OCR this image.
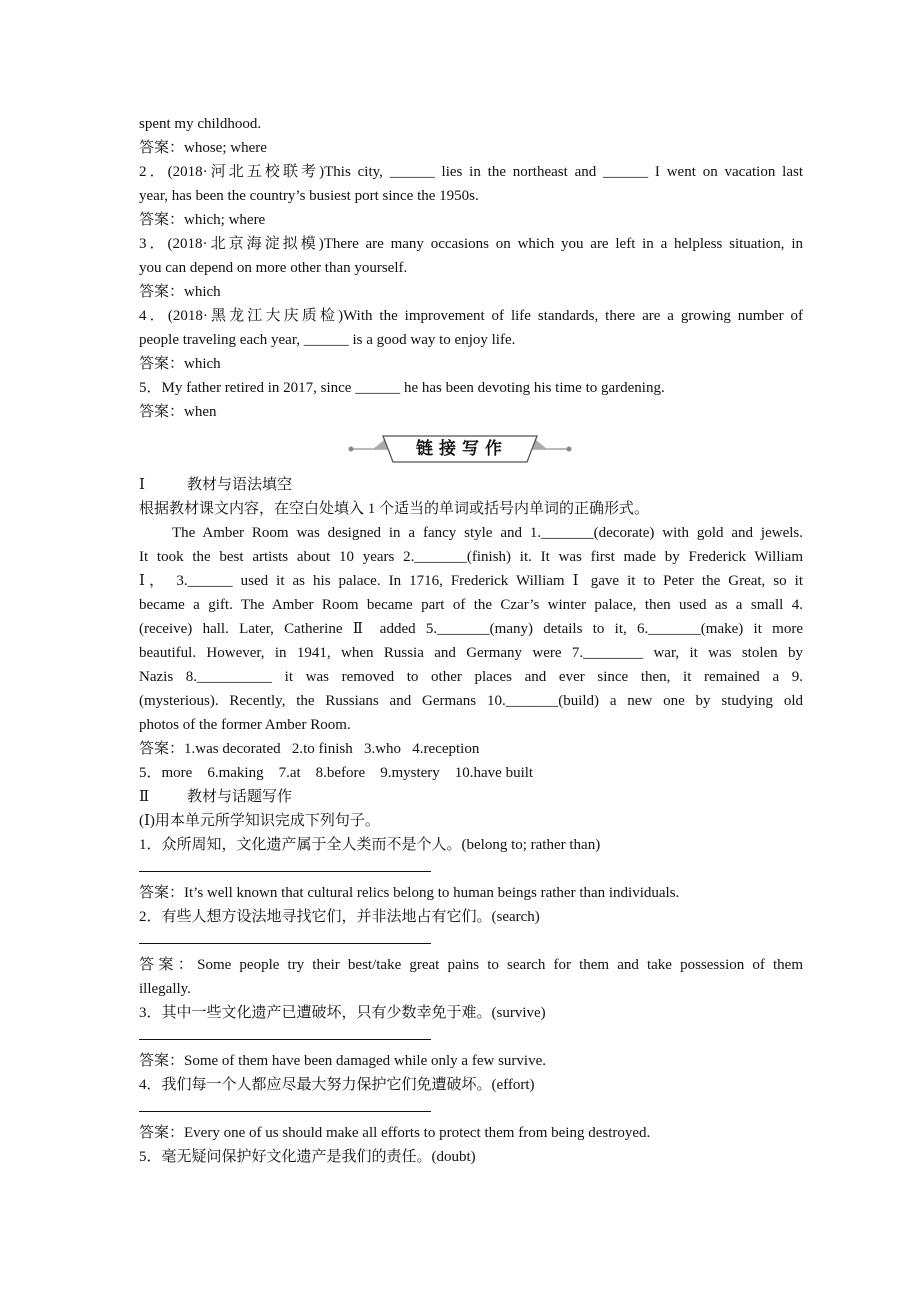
spent my childhood.
答案：whose; where
2．(2018·河北五校联考)This city, ______ lies in the northeast and ______ I went on vacation last
year, has been the country’s busiest port since the 1950s.
答案：which; where
3．(2018·北京海淀拟模)There are many occasions on which you are left in a helpless situation, in
you can depend on more other than yourself.
答案：which
4．(2018·黑龙江大庆质检)With the improvement of life standards, there are a growing number of
people traveling each year, ______ is a good way to enjoy life.
答案：which
5．My father retired in 2017, since ______ he has been devoting his time to gardening.
答案：when
链接写作
Ⅰ	教材与语法填空
根据教材课文内容，在空白处填入 1 个适当的单词或括号内单词的正确形式。
The Amber Room was designed in a fancy style and 1._______(decorate) with gold and jewels.
It took the best artists about 10 years 2._______(finish) it. It was first made by Frederick William
Ⅰ， 3.______ used it as his palace. In 1716, Frederick William Ⅰ gave it to Peter the Great, so it
became a gift. The Amber Room became part of the Czar’s winter palace, then used as a small 4.
(receive) hall. Later, Catherine Ⅱ added 5._______(many) details to it, 6._______(make) it more
beautiful. However, in 1941, when Russia and Germany were 7.________ war, it was stolen by
Nazis 8.__________ it was removed to other places and ever since then, it remained a 9.
(mysterious). Recently, the Russians and Germans 10._______(build) a new one by studying old
photos of the former Amber Room.
答案：1.was decorated   2.to finish   3.who   4.reception
5．more    6.making    7.at    8.before    9.mystery    10.have built
Ⅱ	教材与话题写作
(Ⅰ)用本单元所学知识完成下列句子。
1．众所周知，文化遗产属于全人类而不是个人。(belong to; rather than)
答案：It’s well known that cultural relics belong to human beings rather than individuals.
2．有些人想方设法地寻找它们，并非法地占有它们。(search)
答案：Some people try their best/take great pains to search for them and take possession of them
illegally.
3．其中一些文化遗产已遭破坏，只有少数幸免于难。(survive)
答案：Some of them have been damaged while only a few survive.
4．我们每一个人都应尽最大努力保护它们免遭破坏。(effort)
答案：Every one of us should make all efforts to protect them from being destroyed.
5．毫无疑问保护好文化遗产是我们的责任。(doubt)
